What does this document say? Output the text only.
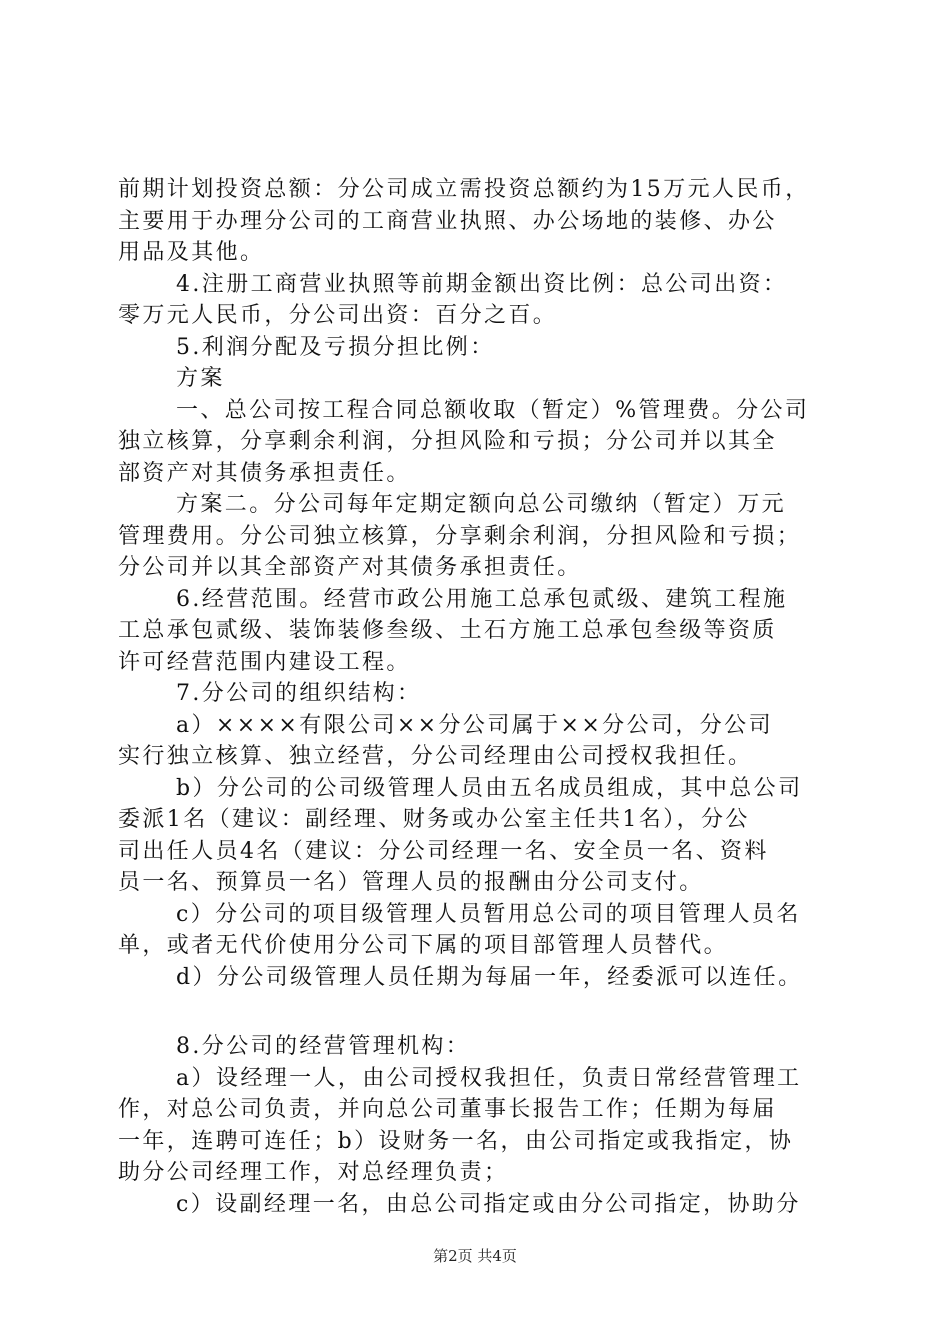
前期计划投资总额：分公司成立需投资总额约为15万元人民币，
主要用于办理分公司的工商营业执照、办公场地的装修、办公
用品及其他。
4.注册工商营业执照等前期金额出资比例：总公司出资：
零万元人民币，分公司出资：百分之百。
5.利润分配及亏损分担比例：
方案
一、总公司按工程合同总额收取（暂定）%管理费。分公司
独立核算，分享剩余利润，分担风险和亏损；分公司并以其全
部资产对其债务承担责任。
方案二。分公司每年定期定额向总公司缴纳（暂定）万元
管理费用。分公司独立核算，分享剩余利润，分担风险和亏损；
分公司并以其全部资产对其债务承担责任。
6.经营范围。经营市政公用施工总承包贰级、建筑工程施
工总承包贰级、装饰装修叁级、土石方施工总承包叁级等资质
许可经营范围内建设工程。
7.分公司的组织结构：
a）××××有限公司××分公司属于××分公司，分公司
实行独立核算、独立经营，分公司经理由公司授权我担任。
b）分公司的公司级管理人员由五名成员组成，其中总公司
委派1名（建议：副经理、财务或办公室主任共1名），分公
司出任人员4名（建议：分公司经理一名、安全员一名、资料
员一名、预算员一名）管理人员的报酬由分公司支付。
c）分公司的项目级管理人员暂用总公司的项目管理人员名
单，或者无代价使用分公司下属的项目部管理人员替代。
d）分公司级管理人员任期为每届一年，经委派可以连任。
8.分公司的经营管理机构：
a）设经理一人，由公司授权我担任，负责日常经营管理工
作，对总公司负责，并向总公司董事长报告工作；任期为每届
一年，连聘可连任；b）设财务一名，由公司指定或我指定，协
助分公司经理工作，对总经理负责；
c）设副经理一名，由总公司指定或由分公司指定，协助分
第2页 共4页
